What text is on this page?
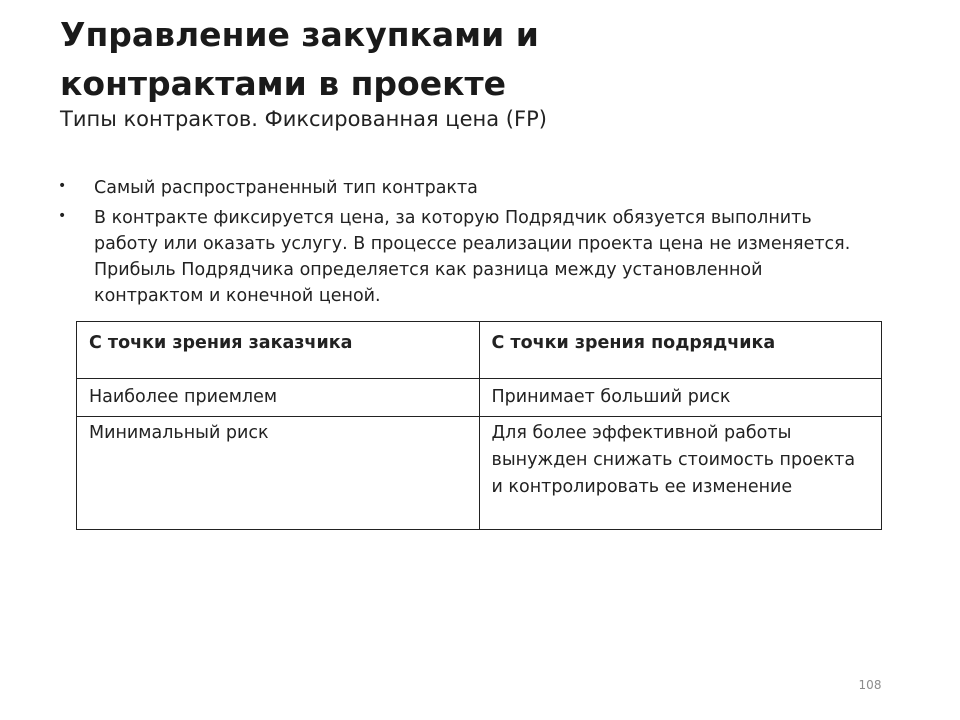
Управление закупками и
контрактами в проекте
Типы контрактов. Фиксированная цена (FP)
• Самый распространенный тип контракта
• В контракте фиксируется цена, за которую Подрядчик обязуется выполнить работу или оказать услугу. В процессе реализации проекта цена не изменяется. Прибыль Подрядчика определяется как разница между установленной контрактом и конечной ценой.
С точки зрения заказчика	С точки зрения подрядчика
Наиболее приемлем	Принимает больший риск
Минимальный риск	Для более эффективной работы вынужден снижать стоимость проекта и контролировать ее изменение
108
